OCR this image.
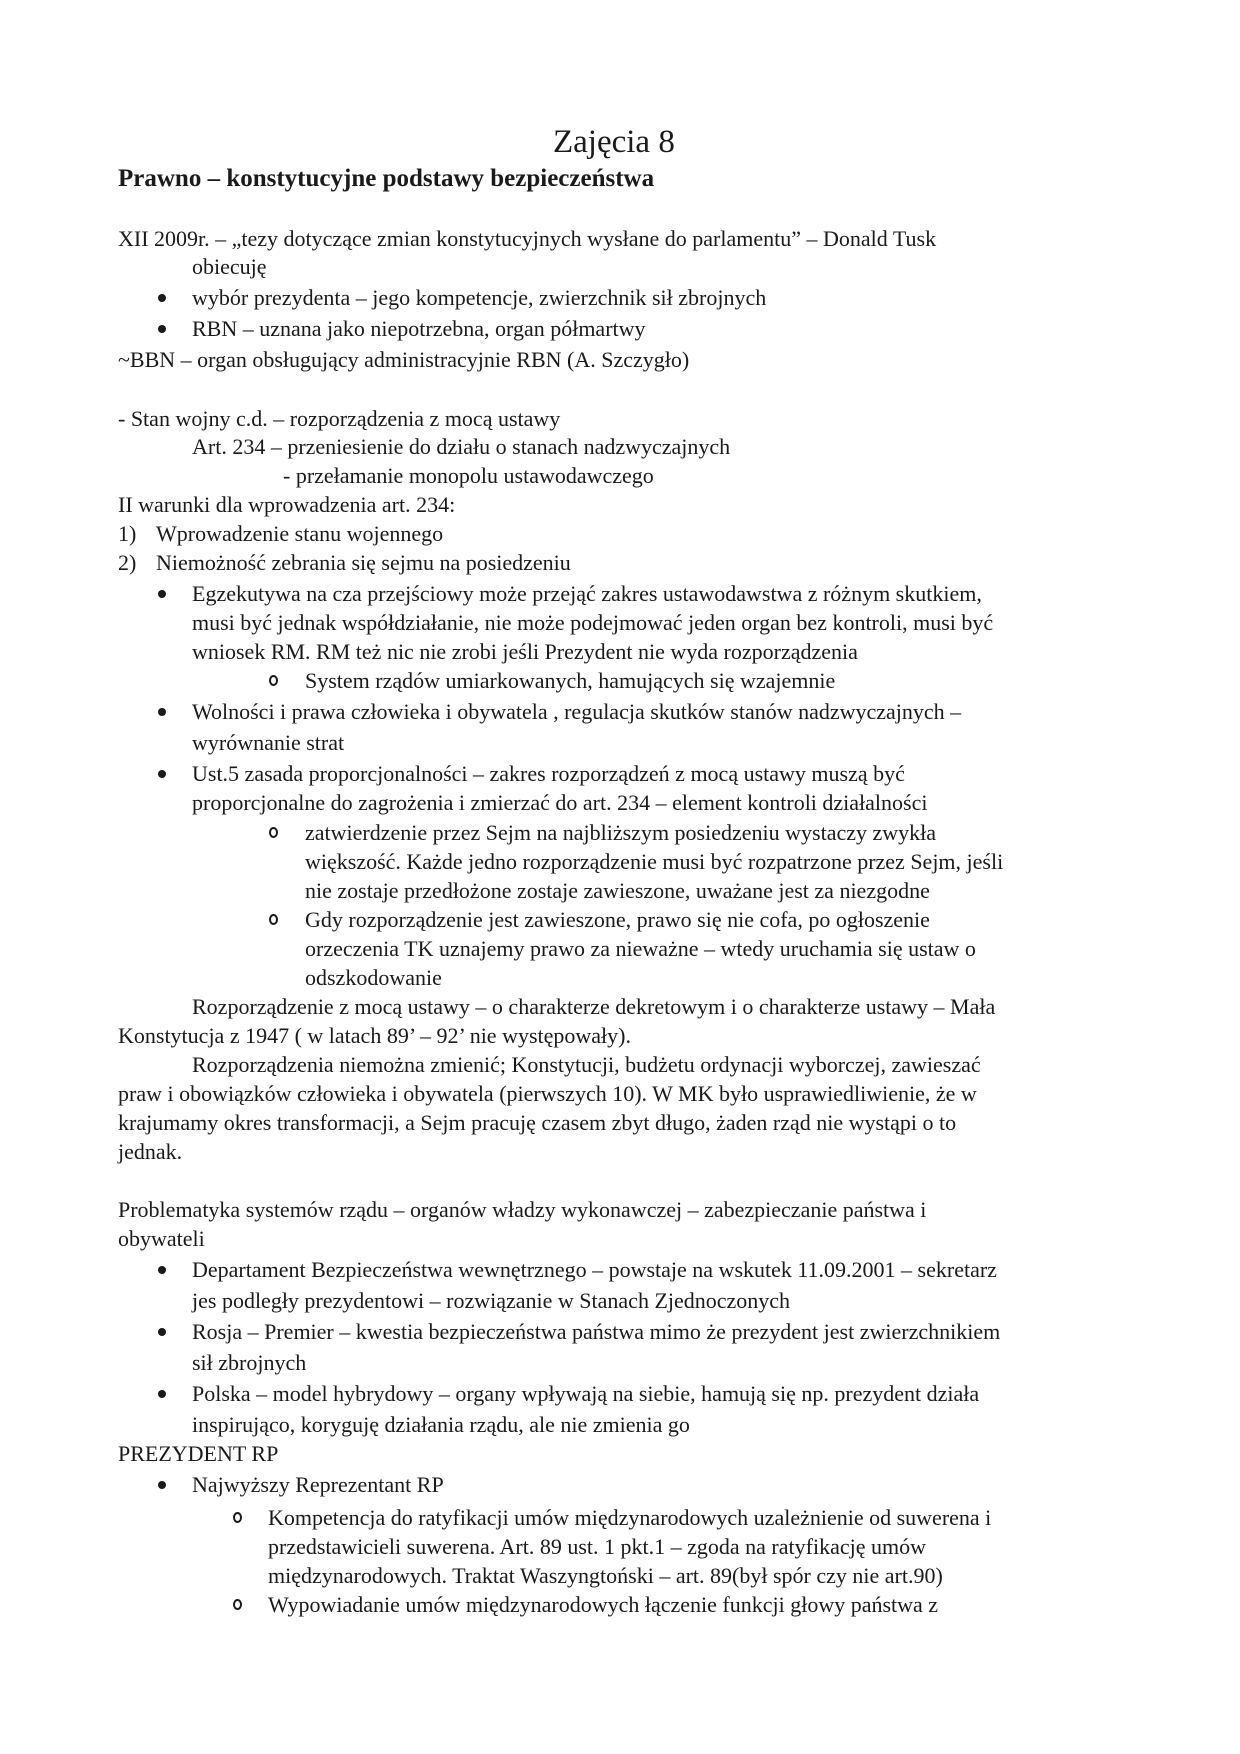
Zajęcia 8
Prawno – konstytucyjne podstawy bezpieczeństwa
XII 2009r. – „tezy dotyczące zmian konstytucyjnych wysłane do parlamentu” – Donald Tusk
obiecuję
wybór prezydenta – jego kompetencje, zwierzchnik sił zbrojnych
RBN – uznana jako niepotrzebna, organ półmartwy
~BBN – organ obsługujący administracyjnie RBN (A. Szczygło)
- Stan wojny c.d. – rozporządzenia z mocą ustawy
Art. 234 – przeniesienie do działu o stanach nadzwyczajnych
- przełamanie monopolu ustawodawczego
II warunki dla wprowadzenia art. 234:
1) Wprowadzenie stanu wojennego
2) Niemożność zebrania się sejmu na posiedzeniu
Egzekutywa na cza przejściowy może przejąć zakres ustawodawstwa z różnym skutkiem,
musi być jednak współdziałanie, nie może podejmować jeden organ bez kontroli, musi być
wniosek RM. RM też nic nie zrobi jeśli Prezydent nie wyda rozporządzenia
System rządów umiarkowanych, hamujących się wzajemnie
Wolności i prawa człowieka i obywatela , regulacja skutków stanów nadzwyczajnych –
wyrównanie strat
Ust.5 zasada proporcjonalności – zakres rozporządzeń z mocą ustawy muszą być
proporcjonalne do zagrożenia i zmierzać do art. 234 – element kontroli działalności
zatwierdzenie przez Sejm na najbliższym posiedzeniu wystaczy zwykła
większość. Każde jedno rozporządzenie musi być rozpatrzone przez Sejm, jeśli
nie zostaje przedłożone zostaje zawieszone, uważane jest za niezgodne
Gdy rozporządzenie jest zawieszone, prawo się nie cofa, po ogłoszenie
orzeczenia TK uznajemy prawo za nieważne – wtedy uruchamia się ustaw o
odszkodowanie
Rozporządzenie z mocą ustawy – o charakterze dekretowym i o charakterze ustawy – Mała
Konstytucja z 1947 ( w latach 89’ – 92’ nie występowały).
Rozporządzenia niemożna zmienić; Konstytucji, budżetu ordynacji wyborczej, zawieszać
praw i obowiązków człowieka i obywatela (pierwszych 10). W MK było usprawiedliwienie, że w
krajumamy okres transformacji, a Sejm pracuję czasem zbyt długo, żaden rząd nie wystąpi o to
jednak.
Problematyka systemów rządu – organów władzy wykonawczej – zabezpieczanie państwa i
obywateli
Departament Bezpieczeństwa wewnętrznego – powstaje na wskutek 11.09.2001 – sekretarz
jes podległy prezydentowi – rozwiązanie w Stanach Zjednoczonych
Rosja – Premier – kwestia bezpieczeństwa państwa mimo że prezydent jest zwierzchnikiem
sił zbrojnych
Polska – model hybrydowy – organy wpływają na siebie, hamują się np. prezydent działa
inspirująco, koryguję działania rządu, ale nie zmienia go
PREZYDENT RP
Najwyższy Reprezentant RP
Kompetencja do ratyfikacji umów międzynarodowych uzależnienie od suwerena i
przedstawicieli suwerena. Art. 89 ust. 1 pkt.1 – zgoda na ratyfikację umów
międzynarodowych. Traktat Waszyngtoński – art. 89(był spór czy nie art.90)
Wypowiadanie umów międzynarodowych łączenie funkcji głowy państwa z
